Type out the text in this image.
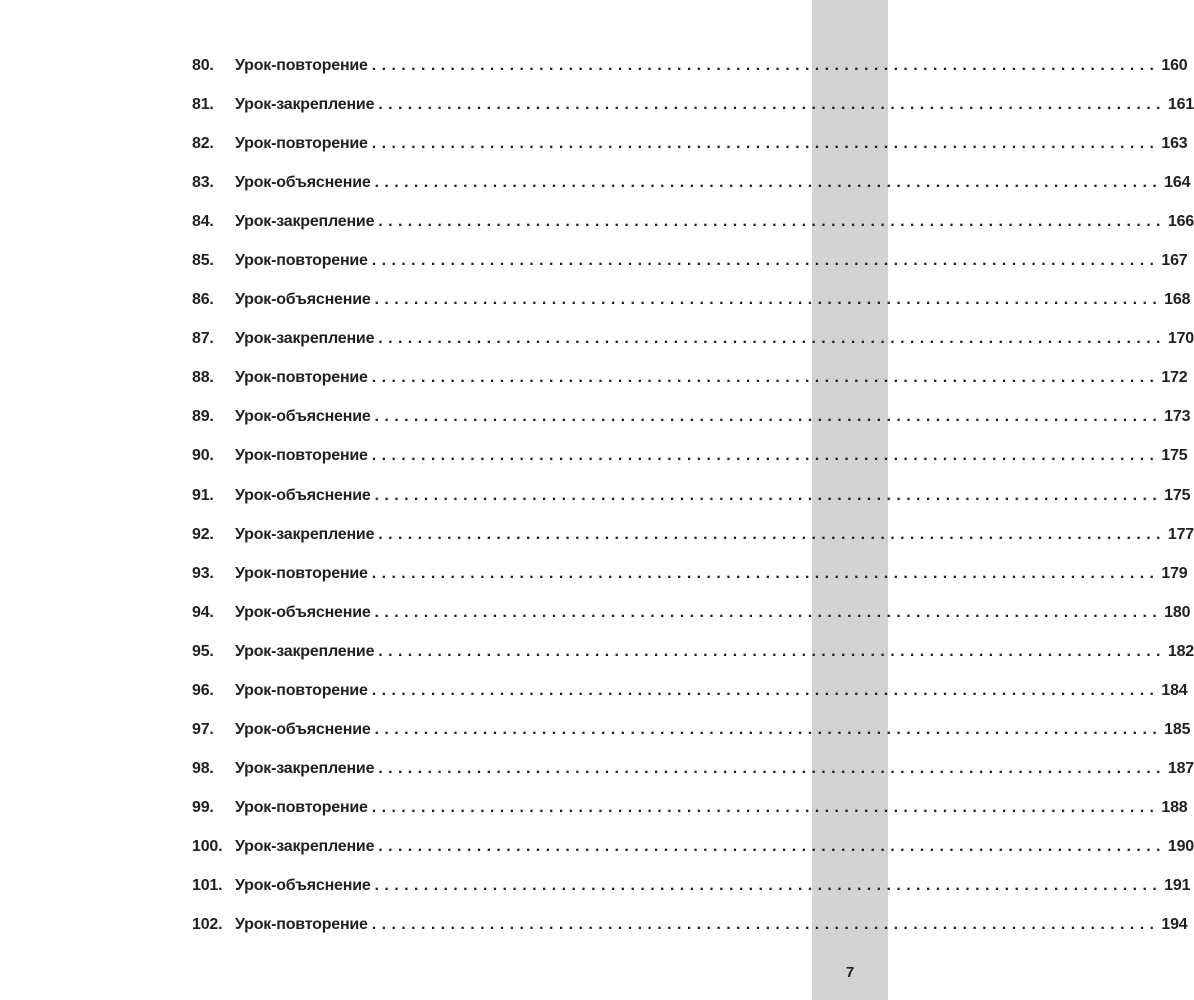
80.	Урок-повторение ................................................................................ 160
81.	Урок-закрепление ................................................................................ 161
82.	Урок-повторение ................................................................................ 163
83.	Урок-объяснение ................................................................................ 164
84.	Урок-закрепление ................................................................................ 166
85.	Урок-повторение ................................................................................ 167
86.	Урок-объяснение ................................................................................ 168
87.	Урок-закрепление ................................................................................ 170
88.	Урок-повторение ................................................................................ 172
89.	Урок-объяснение ................................................................................ 173
90.	Урок-повторение ................................................................................ 175
91.	Урок-объяснение ................................................................................ 175
92.	Урок-закрепление ................................................................................ 177
93.	Урок-повторение ................................................................................ 179
94.	Урок-объяснение ................................................................................ 180
95.	Урок-закрепление ................................................................................ 182
96.	Урок-повторение ................................................................................ 184
97.	Урок-объяснение ................................................................................ 185
98.	Урок-закрепление ................................................................................ 187
99.	Урок-повторение ................................................................................ 188
100. Урок-закрепление ................................................................................ 190
101. Урок-объяснение ................................................................................ 191
102. Урок-повторение ................................................................................ 194
7
